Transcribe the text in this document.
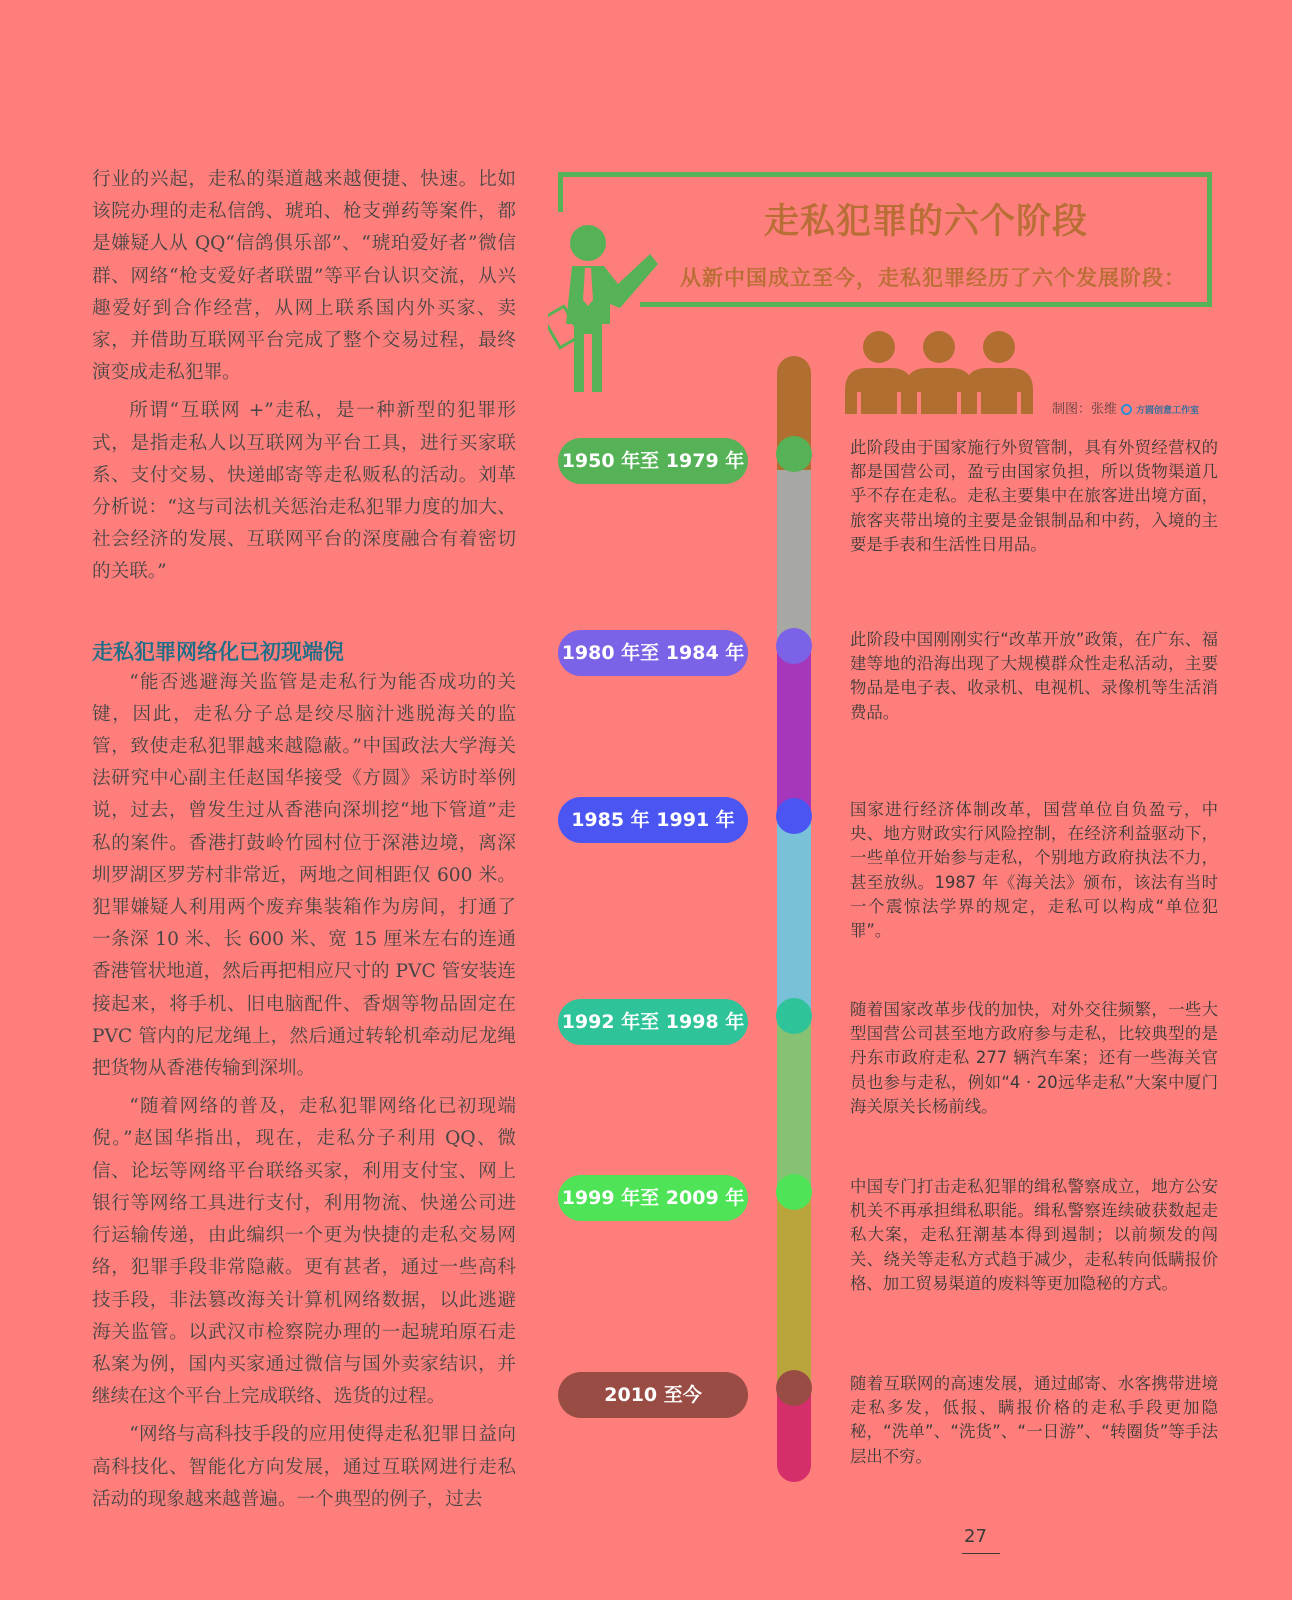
行业的兴起，走私的渠道越来越便捷、快速。比如该院办理的走私信鸽、琥珀、枪支弹药等案件，都是嫌疑人从 QQ“信鸽俱乐部”、“琥珀爱好者”微信群、网络“枪支爱好者联盟”等平台认识交流，从兴趣爱好到合作经营，从网上联系国内外买家、卖家，并借助互联网平台完成了整个交易过程，最终演变成走私犯罪。

所谓“互联网 +”走私，是一种新型的犯罪形式，是指走私人以互联网为平台工具，进行买家联系、支付交易、快递邮寄等走私贩私的活动。刘革分析说：“这与司法机关惩治走私犯罪力度的加大、社会经济的发展、互联网平台的深度融合有着密切的关联。”

走私犯罪网络化已初现端倪

“能否逃避海关监管是走私行为能否成功的关键，因此，走私分子总是绞尽脑汁逃脱海关的监管，致使走私犯罪越来越隐蔽。”中国政法大学海关法研究中心副主任赵国华接受《方圆》采访时举例说，过去，曾发生过从香港向深圳挖“地下管道”走私的案件。香港打鼓岭竹园村位于深港边境，离深圳罗湖区罗芳村非常近，两地之间相距仅 600 米。犯罪嫌疑人利用两个废弃集装箱作为房间，打通了一条深 10 米、长 600 米、宽 15 厘米左右的连通香港管状地道，然后再把相应尺寸的 PVC 管安装连接起来，将手机、旧电脑配件、香烟等物品固定在 PVC 管内的尼龙绳上，然后通过转轮机牵动尼龙绳把货物从香港传输到深圳。

“随着网络的普及，走私犯罪网络化已初现端倪。”赵国华指出，现在，走私分子利用 QQ、微信、论坛等网络平台联络买家，利用支付宝、网上银行等网络工具进行支付，利用物流、快递公司进行运输传递，由此编织一个更为快捷的走私交易网络，犯罪手段非常隐蔽。更有甚者，通过一些高科技手段，非法篡改海关计算机网络数据，以此逃避海关监管。以武汉市检察院办理的一起琥珀原石走私案为例，国内买家通过微信与国外卖家结识，并继续在这个平台上完成联络、选货的过程。

“网络与高科技手段的应用使得走私犯罪日益向高科技化、智能化方向发展，通过互联网进行走私活动的现象越来越普遍。一个典型的例子，过去

走私犯罪的六个阶段
从新中国成立至今，走私犯罪经历了六个发展阶段：
制图：张维 方圆创意工作室
1950 年至 1979 年
此阶段由于国家施行外贸管制，具有外贸经营权的都是国营公司，盈亏由国家负担，所以货物渠道几乎不存在走私。走私主要集中在旅客进出境方面，旅客夹带出境的主要是金银制品和中药，入境的主要是手表和生活性日用品。
1980 年至 1984 年
此阶段中国刚刚实行“改革开放”政策，在广东、福建等地的沿海出现了大规模群众性走私活动，主要物品是电子表、收录机、电视机、录像机等生活消费品。
1985 年 1991 年	国家进行经济体制改革，国营单位自负盈亏，中央、地方财政实行风险控制，在经济利益驱动下，一些单位开始参与走私，个别地方政府执法不力，甚至放纵。1987 年《海关法》颁布，该法有当时一个震惊法学界的规定，走私可以构成“单位犯罪”。
1992 年至 1998 年
随着国家改革步伐的加快，对外交往频繁，一些大型国营公司甚至地方政府参与走私，比较典型的是丹东市政府走私 277 辆汽车案；还有一些海关官员也参与走私，例如“4 · 20远华走私”大案中厦门海关原关长杨前线。
1999 年至 2009 年
中国专门打击走私犯罪的缉私警察成立，地方公安机关不再承担缉私职能。缉私警察连续破获数起走私大案，走私狂潮基本得到遏制；以前频发的闯关、绕关等走私方式趋于减少，走私转向低瞒报价格、加工贸易渠道的废料等更加隐秘的方式。
2010 至今
随着互联网的高速发展，通过邮寄、水客携带进境走私多发，低报、瞒报价格的走私手段更加隐秘，“洗单”、“洗货”、“一日游”、“转圈货”等手法层出不穷。
27
